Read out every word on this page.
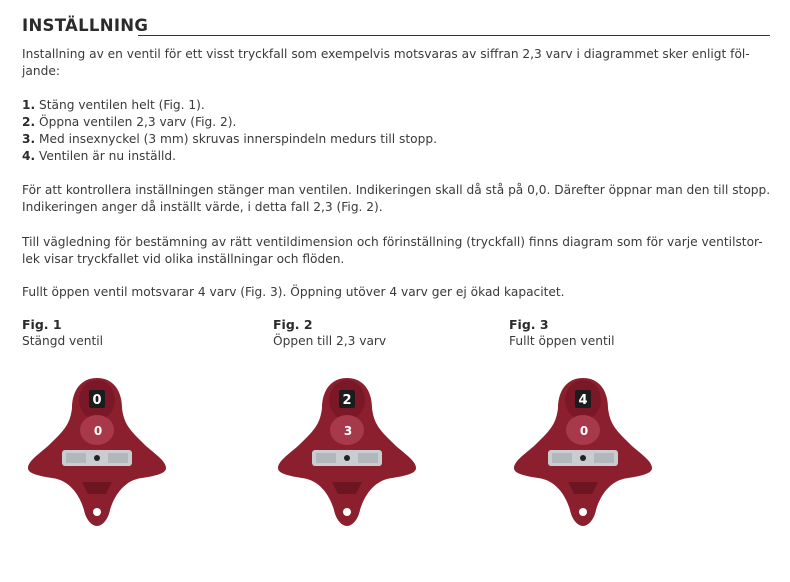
INSTÄLLNING
Installning av en ventil för ett visst tryckfall som exempelvis motsvaras av siffran 2,3 varv i diagrammet sker enligt föl-
jande:
1. Stäng ventilen helt (Fig. 1).
2. Öppna ventilen 2,3 varv (Fig. 2).
3. Med insexnyckel (3 mm) skruvas innerspindeln medurs till stopp.
4. Ventilen är nu inställd.
För att kontrollera inställningen stänger man ventilen. Indikeringen skall då stå på 0,0. Därefter öppnar man den till stopp.
Indikeringen anger då inställt värde, i detta fall 2,3 (Fig. 2).
Till vägledning för bestämning av rätt ventildimension och förinställning (tryckfall) finns diagram som för varje ventilstor-
lek visar tryckfallet vid olika inställningar och flöden.
Fullt öppen ventil motsvarar 4 varv (Fig. 3). Öppning utöver 4 varv ger ej ökad kapacitet.
Fig. 1
Stängd ventil
Fig. 2
Öppen till 2,3 varv
Fig. 3
Fullt öppen ventil
0
0
2
3
4
0
